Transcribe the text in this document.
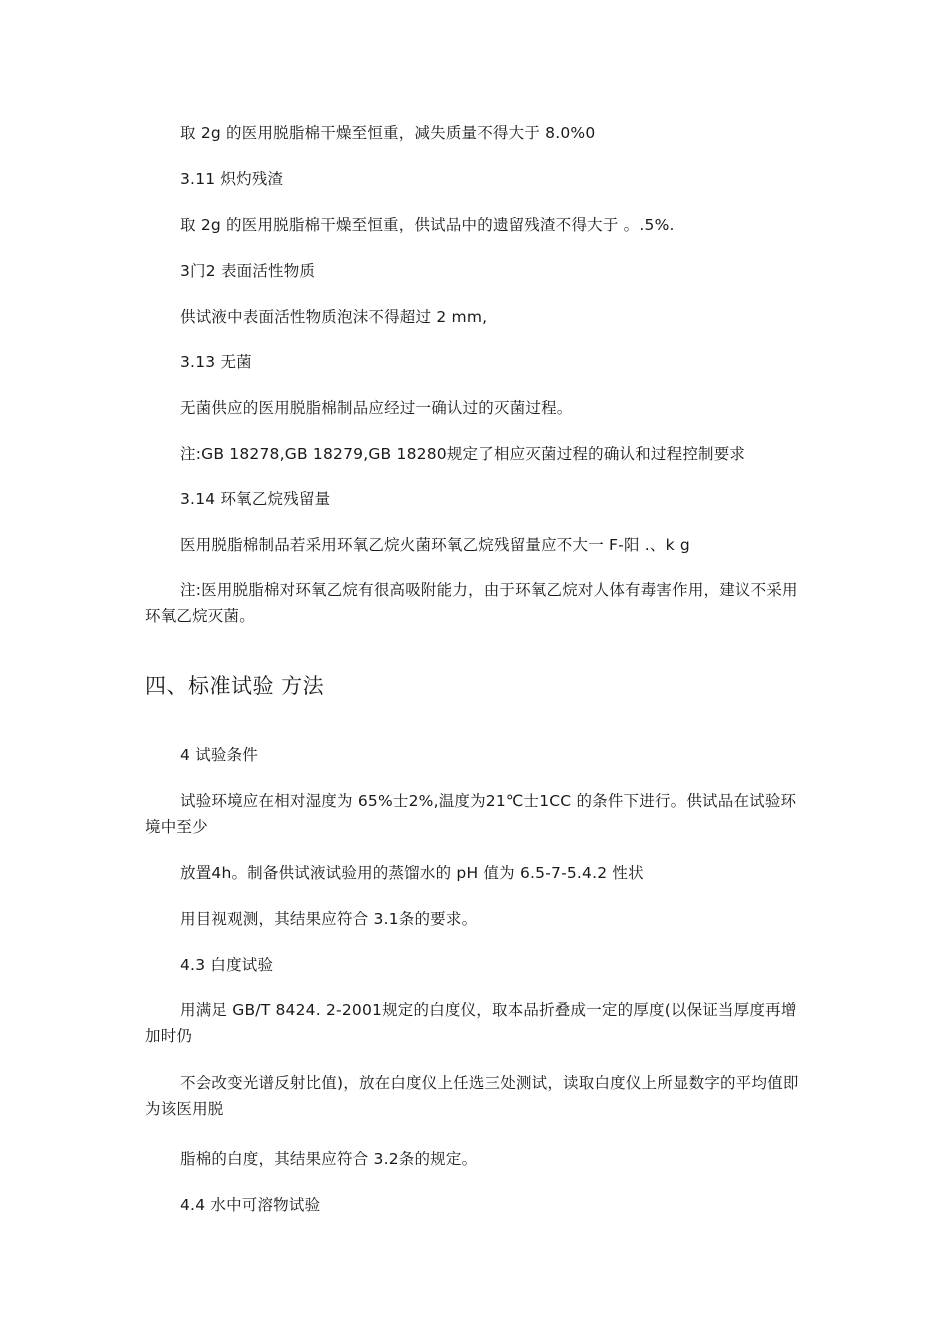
取 2g 的医用脱脂棉干燥至恒重，减失质量不得大于 8.0%0

3.11 炽灼残渣

取 2g 的医用脱脂棉干燥至恒重，供试品中的遗留残渣不得大于 。.5%.

3门2 表面活性物质

供试液中表面活性物质泡沫不得超过 2 mm,

3.13 无菌

无菌供应的医用脱脂棉制品应经过一确认过的灭菌过程。

注:GB 18278,GB 18279,GB 18280规定了相应灭菌过程的确认和过程控制要求

3.14 环氧乙烷残留量

医用脱脂棉制品若采用环氧乙烷火菌环氧乙烷残留量应不大一 F-阳 .、k g

注:医用脱脂棉对环氧乙烷有很高吸附能力，由于环氧乙烷对人体有毒害作用，建议不采用环氧乙烷灭菌。

四、标准试验 方法

4 试验条件

试验环境应在相对湿度为 65%士2%,温度为21℃士1CC 的条件下进行。供试品在试验环境中至少

放置4h。制备供试液试验用的蒸馏水的 pH 值为 6.5-7-5.4.2 性状

用目视观测，其结果应符合 3.1条的要求。

4.3 白度试验

用满足 GB/T 8424. 2-2001规定的白度仪，取本品折叠成一定的厚度(以保证当厚度再增加时仍

不会改变光谱反射比值)，放在白度仪上任选三处测试，读取白度仪上所显数字的平均值即为该医用脱

脂棉的白度，其结果应符合 3.2条的规定。

4.4 水中可溶物试验
